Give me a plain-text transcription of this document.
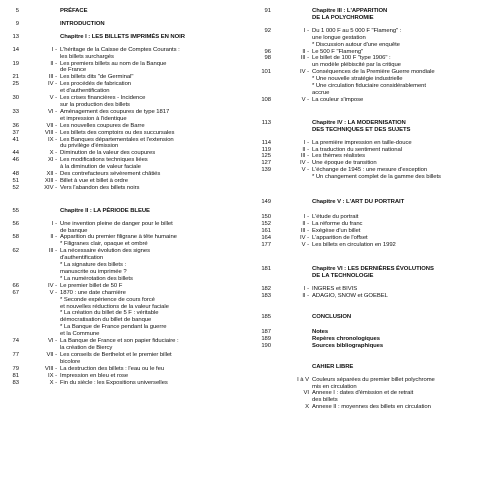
5	PRÉFACE
9	INTRODUCTION
13	Chapitre I : LES BILLETS IMPRIMÉS EN NOIR
14	I - L'héritage de la Caisse de Comptes Courants :
les billets surchargés
19	II - Les premiers billets au nom de la Banque
de France
21	III - Les billets dits "de Germinal"
25	IV - Les procédés de fabrication
et d'authentification
30	V - Les crises financières - Incidence
sur la production des billets
33	VI - Aménagement des coupures de type 1817
et impression à l'identique
36	VII - Les nouvelles coupures de Barre
37	VIII - Les billets des comptoirs ou des succursales
41	IX - Les Banques départementales et l'extension
du privilège d'émission
44	X - Diminution de la valeur des coupures
46	XI - Les modifications techniques liées
à la diminution de valeur faciale
48	XII - Des contrefacteurs sévèrement châtiés
51	XIII - Billet à vue et billet à ordre
52	XIV - Vers l'abandon des billets noirs
55	Chapitre II : LA PÉRIODE BLEUE
56	I - Une invention pleine de danger pour le billet
de banque
58	II - Apparition du premier filigrane à tête humaine
* Filigranes clair, opaque et ombré
62	III - La nécessaire évolution des signes
d'authentification
* La signature des billets :
manuscrite ou imprimée ?
* La numérotation des billets
66	IV - Le premier billet de 50 F
67	V - 1870 : une date charnière
* Seconde expérience de cours forcé
et nouvelles réductions de la valeur faciale
* La création du billet de 5 F : véritable
démocratisation du billet de banque
* La Banque de France pendant la guerre
et la Commune
74	VI - La Banque de France et son papier fiduciaire :
la création de Biercy
77	VII - Les conseils de Berthelot et le premier billet
bicolore
79	VIII - La destruction des billets : l'eau ou le feu
81	IX - Impression en bleu et rose
83	X - Fin du siècle : les Expositions universelles
91	Chapitre III : L'APPARITION
DE LA POLYCHROMIE
92	I - Du 1 000 F au 5 000 F "Flameng" :
une longue gestation
* Discussion autour d'une enquête
96	II - Le 500 F "Flameng"
98	III - Le billet de 100 F "type 1906" :
un modèle plébiscité par la critique
101	IV - Conséquences de la Première Guerre mondiale
* Une nouvelle stratégie industrielle
* Une circulation fiduciaire considérablement
accrue
108	V - La couleur s'impose
113	Chapitre IV : LA MODERNISATION
DES TECHNIQUES ET DES SUJETS
114	I - La première impression en taille-douce
119	II - La traduction du sentiment national
125	III - Les thèmes réalistes
127	IV - Une époque de transition
139	V - L'échange de 1945 : une mesure d'exception
* Un changement complet de la gamme des billets
149	Chapitre V : L'ART DU PORTRAIT
150	I - L'étude du portrait
152	II - La réforme du franc
161	III - Exégèse d'un billet
164	IV - L'apparition de l'offset
177	V - Les billets en circulation en 1992
181	Chapitre VI : LES DERNIÈRES ÉVOLUTIONS
DE LA TECHNOLOGIE
182	I - INGRES et BIVIS
183	II - ADAGIO, SNOW et GOEBEL
185	CONCLUSION
187	Notes
189	Repères chronologiques
190	Sources bibliographiques
CAHIER LIBRE
I à V Couleurs séparées du premier billet polychrome
mis en circulation
VI Annexe I : dates d'émission et de retrait
des billets
X Annexe II : moyennes des billets en circulation
